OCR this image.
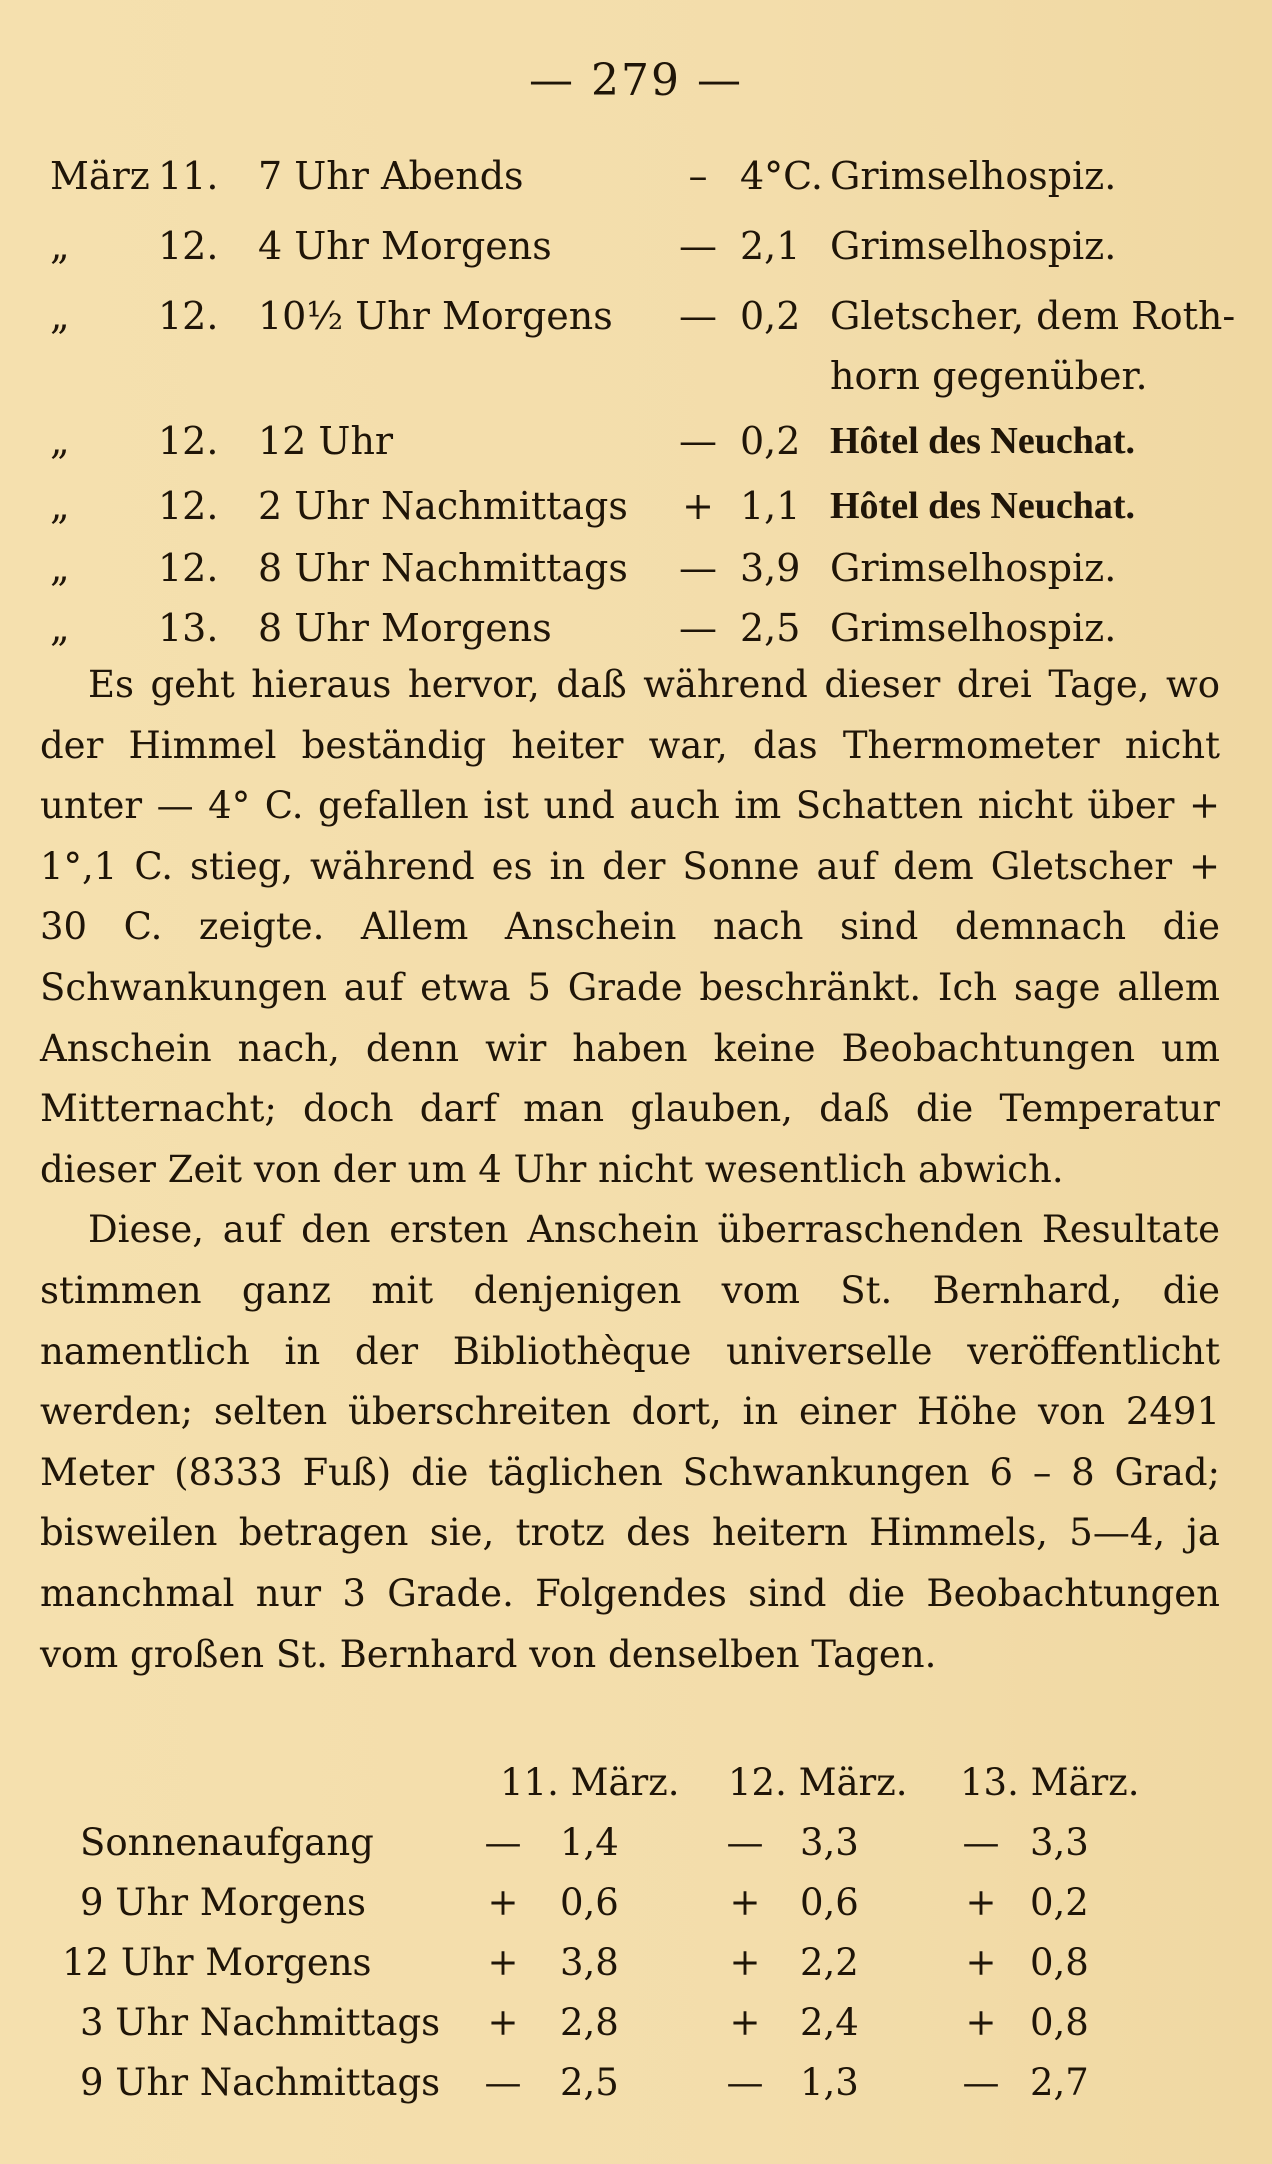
— 279 —
März 11. 7 Uhr Abends	– 4°C. Grimselhospiz.
„ 12. 4 Uhr Morgens	— 2,1 Grimselhospiz.
„ 12. 10½ Uhr Morgens — 0,2 Gletscher, dem Roth-
horn gegenüber.
„ 12. 12 Uhr	— 0,2 Hôtel des Neuchat.
„ 12. 2 Uhr Nachmittags	+ 1,1 Hôtel des Neuchat.
„ 12. 8 Uhr Nachmittags — 3,9 Grimselhospiz.
„ 13. 8 Uhr Morgens	— 2,5 Grimselhospiz.

Es geht hieraus hervor, daß während dieser drei Tage, wo der Himmel beständig heiter war, das Thermometer nicht unter — 4° C. gefallen ist und auch im Schatten nicht über + 1°,1 C. stieg, während es in der Sonne auf dem Gletscher + 30 C. zeigte. Allem Anschein nach sind demnach die Schwankungen auf etwa 5 Grade beschränkt. Ich sage allem Anschein nach, denn wir haben keine Beobachtungen um Mitternacht; doch darf man glauben, daß die Temperatur dieser Zeit von der um 4 Uhr nicht wesentlich abwich.

Diese, auf den ersten Anschein überraschenden Resultate stimmen ganz mit denjenigen vom St. Bernhard, die namentlich in der Bibliothèque universelle veröffentlicht werden; selten überschreiten dort, in einer Höhe von 2491 Meter (8333 Fuß) die täglichen Schwankungen 6 – 8 Grad; bisweilen betragen sie, trotz des heitern Himmels, 5—4, ja manchmal nur 3 Grade. Folgendes sind die Beobachtungen vom großen St. Bernhard von denselben Tagen.

11. März. 12. März. 13. März.
Sonnenaufgang	— 1,4	— 3,3	— 3,3
9 Uhr Morgens	+ 0,6	+ 0,6	+ 0,2
12 Uhr Morgens	+ 3,8	+ 2,2	+ 0,8
3 Uhr Nachmittags + 2,8	+ 2,4	+ 0,8
9 Uhr Nachmittags — 2,5	— 1,3	— 2,7
